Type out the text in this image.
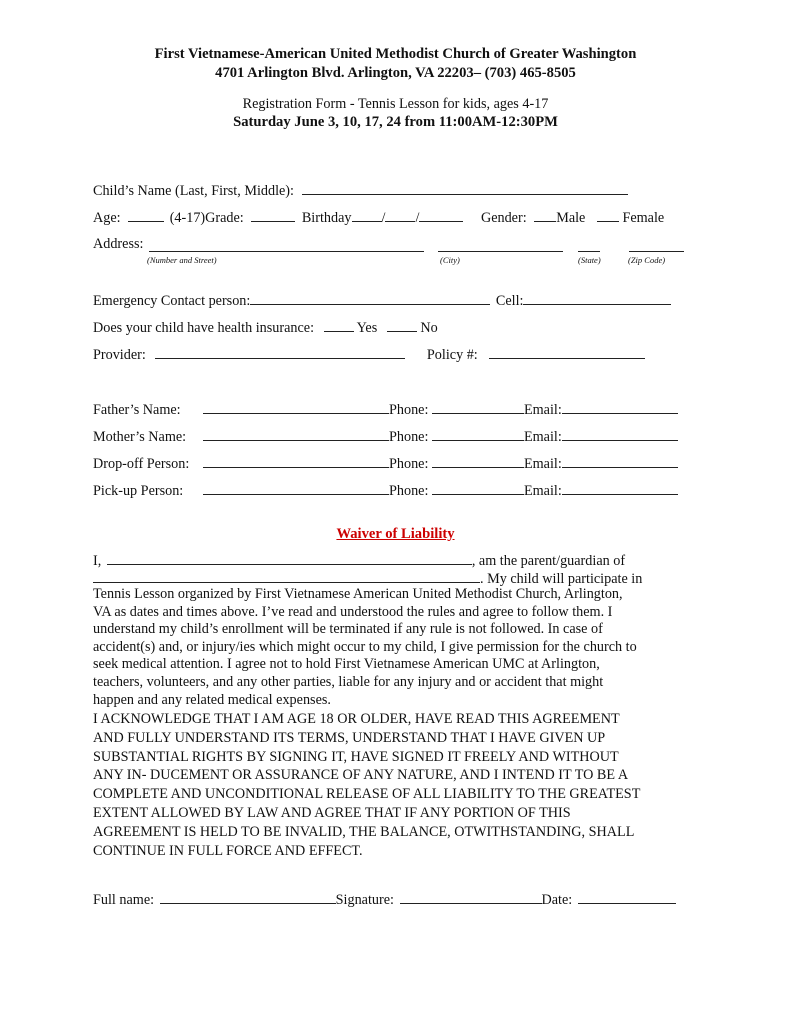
First Vietnamese-American United Methodist Church of Greater Washington
4701 Arlington Blvd. Arlington, VA 22203– (703) 465-8505
Registration Form - Tennis Lesson for kids, ages 4-17
Saturday June 3, 10, 17, 24 from 11:00AM-12:30PM
Child’s Name (Last, First, Middle):
Age:	(4-17)Grade:	Birthday / /	Gender: Male	Female
Address:
(Number and Street)	(City)	(State)	(Zip Code)
Emergency Contact person:	Cell:
Does your child have health insurance:	Yes	No
Provider:	Policy #:
Father’s Name:	Phone:	Email:
Mother’s Name:	Phone:	Email:
Drop-off Person:	Phone:	Email:
Pick-up Person:	Phone:	Email:
Waiver of Liability
I,	, am the parent/guardian of
. My child will participate in
Tennis Lesson organized by First Vietnamese American United Methodist Church, Arlington,
VA as dates and times above. I’ve read and understood the rules and agree to follow them. I
understand my child’s enrollment will be terminated if any rule is not followed. In case of
accident(s) and, or injury/ies which might occur to my child, I give permission for the church to
seek medical attention. I agree not to hold First Vietnamese American UMC at Arlington,
teachers, volunteers, and any other parties, liable for any injury and or accident that might
happen and any related medical expenses.
I ACKNOWLEDGE THAT I AM AGE 18 OR OLDER, HAVE READ THIS AGREEMENT
AND FULLY UNDERSTAND ITS TERMS, UNDERSTAND THAT I HAVE GIVEN UP
SUBSTANTIAL RIGHTS BY SIGNING IT, HAVE SIGNED IT FREELY AND WITHOUT
ANY IN- DUCEMENT OR ASSURANCE OF ANY NATURE, AND I INTEND IT TO BE A
COMPLETE AND UNCONDITIONAL RELEASE OF ALL LIABILITY TO THE GREATEST
EXTENT ALLOWED BY LAW AND AGREE THAT IF ANY PORTION OF THIS
AGREEMENT IS HELD TO BE INVALID, THE BALANCE, OTWITHSTANDING, SHALL
CONTINUE IN FULL FORCE AND EFFECT.
Full name:	Signature:	Date:
